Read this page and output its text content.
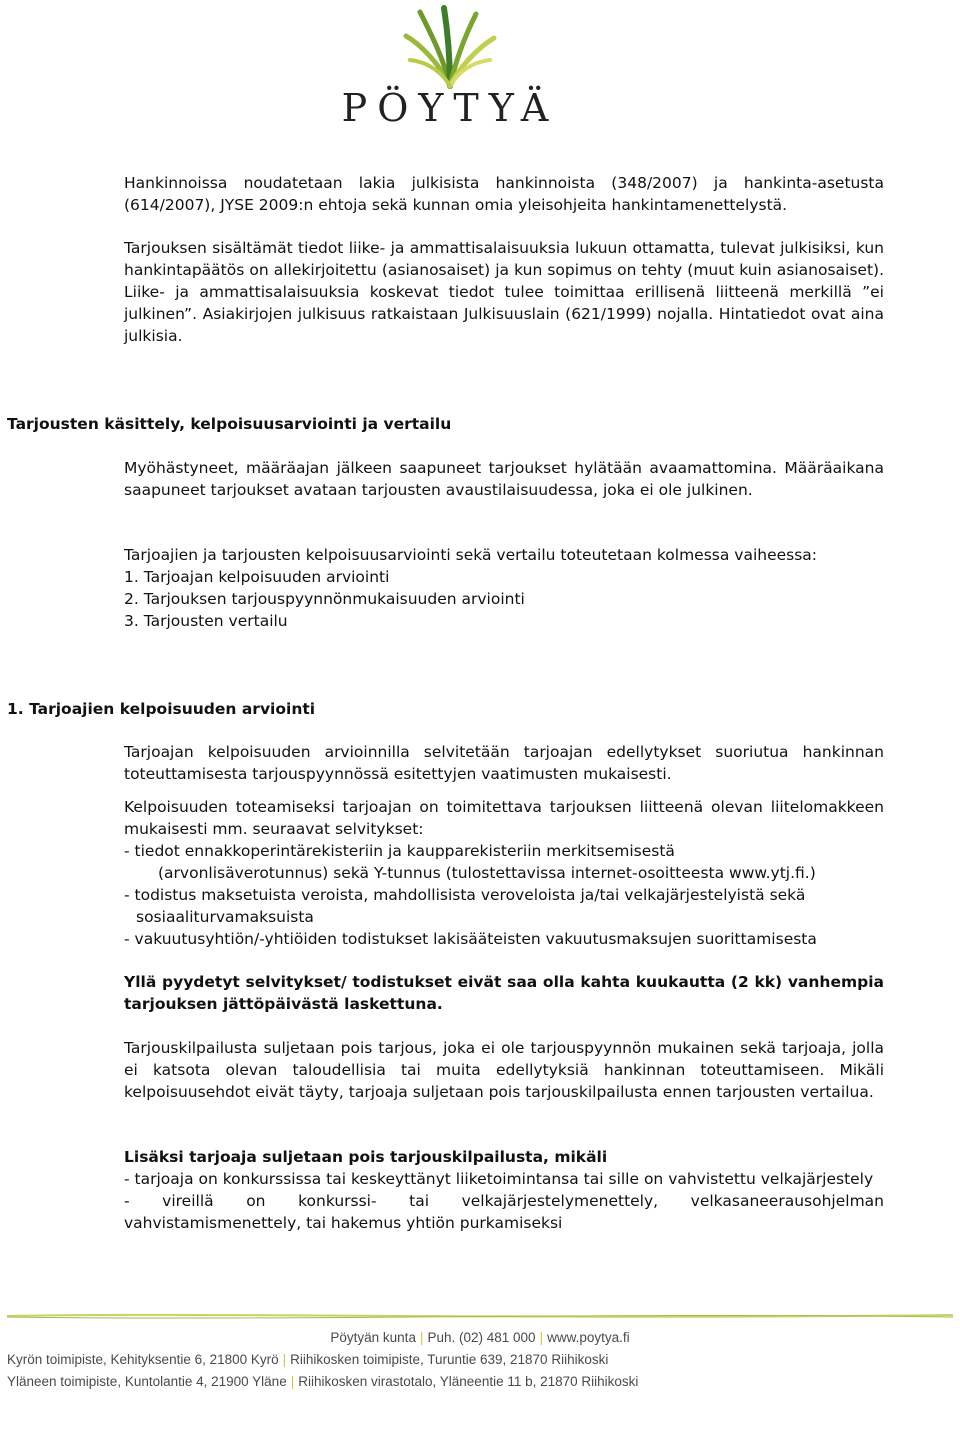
PÖYTYÄ

Hankinnoissa noudatetaan lakia julkisista hankinnoista (348/2007) ja hankinta-asetusta (614/2007), JYSE 2009:n ehtoja sekä kunnan omia yleisohjeita hankintamenettelystä.

Tarjouksen sisältämät tiedot liike- ja ammattisalaisuuksia lukuun ottamatta, tulevat julkisiksi, kun hankintapäätös on allekirjoitettu (asianosaiset) ja kun sopimus on tehty (muut kuin asianosaiset). Liike- ja ammattisalaisuuksia koskevat tiedot tulee toimittaa erillisenä liitteenä merkillä ”ei julkinen”. Asiakirjojen julkisuus ratkaistaan Julkisuuslain (621/1999) nojalla. Hintatiedot ovat aina julkisia.

Tarjousten käsittely, kelpoisuusarviointi ja vertailu

Myöhästyneet, määräajan jälkeen saapuneet tarjoukset hylätään avaamattomina. Määräaikana saapuneet tarjoukset avataan tarjousten avaustilaisuudessa, joka ei ole julkinen.

Tarjoajien ja tarjousten kelpoisuusarviointi sekä vertailu toteutetaan kolmessa vaiheessa:

1. Tarjoajan kelpoisuuden arviointi
2. Tarjouksen tarjouspyynnönmukaisuuden arviointi
3. Tarjousten vertailu
1. Tarjoajien kelpoisuuden arviointi

Tarjoajan kelpoisuuden arvioinnilla selvitetään tarjoajan edellytykset suoriutua hankinnan toteuttamisesta tarjouspyynnössä esitettyjen vaatimusten mukaisesti.

Kelpoisuuden toteamiseksi tarjoajan on toimitettava tarjouksen liitteenä olevan liitelomakkeen mukaisesti mm. seuraavat selvitykset:

- tiedot ennakkoperintärekisteriin ja kaupparekisteriin merkitsemisestä
(arvonlisäverotunnus) sekä Y-tunnus (tulostettavissa internet-osoitteesta www.ytj.fi.)
- todistus maksetuista veroista, mahdollisista veroveloista ja/tai velkajärjestelyistä sekä
sosiaaliturvamaksuista
- vakuutusyhtiön/-yhtiöiden todistukset lakisääteisten vakuutusmaksujen suorittamisesta

Yllä pyydetyt selvitykset/ todistukset eivät saa olla kahta kuukautta (2 kk) vanhempia tarjouksen jättöpäivästä laskettuna.

Tarjouskilpailusta suljetaan pois tarjous, joka ei ole tarjouspyynnön mukainen sekä tarjoaja, jolla ei katsota olevan taloudellisia tai muita edellytyksiä hankinnan toteuttamiseen. Mikäli kelpoisuusehdot eivät täyty, tarjoaja suljetaan pois tarjouskilpailusta ennen tarjousten vertailua.

Lisäksi tarjoaja suljetaan pois tarjouskilpailusta, mikäli

- tarjoaja on konkurssissa tai keskeyttänyt liiketoimintansa tai sille on vahvistettu velkajärjestely

- vireillä on konkurssi- tai velkajärjestelymenettely, velkasaneerausohjelman vahvistamismenettely, tai hakemus yhtiön purkamiseksi

Pöytyän kunta | Puh. (02) 481 000 | www.poytya.fi
Kyrön toimipiste, Kehityksentie 6, 21800 Kyrö | Riihikosken toimipiste, Turuntie 639, 21870 Riihikoski
Yläneen toimipiste, Kuntolantie 4, 21900 Yläne | Riihikosken virastotalo, Yläneentie 11 b, 21870 Riihikoski
